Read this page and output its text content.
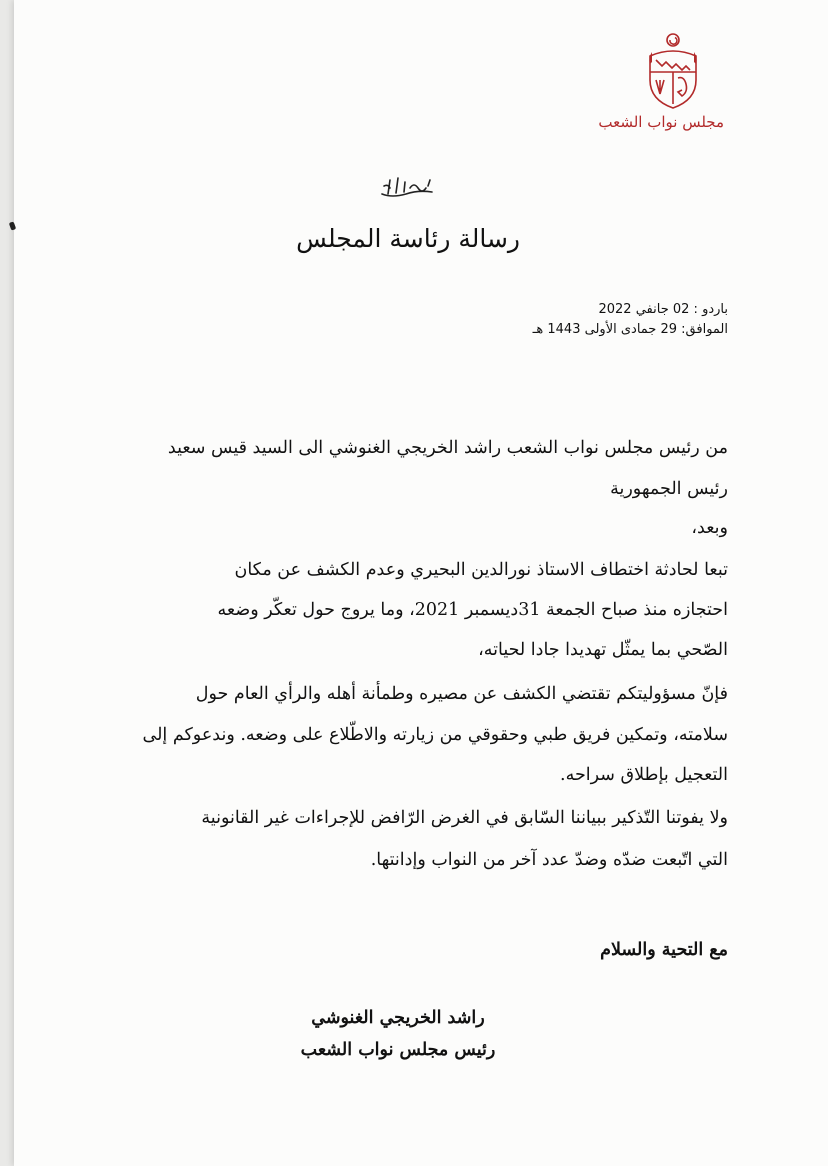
مجلس نواب الشعب
رسالة رئاسة المجلس
باردو : 02 جانفي 2022
الموافق: 29 جمادى الأولى 1443 هـ
من رئيس مجلس نواب الشعب راشد الخريجي الغنوشي الى السيد قيس سعيد
رئيس الجمهورية
وبعد،
تبعا لحادثة اختطاف الاستاذ نورالدين البحيري وعدم الكشف عن مكان
احتجازه منذ صباح الجمعة 31ديسمبر 2021، وما يروج حول تعكّر وضعه
الصّحي بما يمثّل تهديدا جادا لحياته،
فإنّ مسؤوليتكم تقتضي الكشف عن مصيره وطمأنة أهله والرأي العام حول
سلامته، وتمكين فريق طبي وحقوقي من زيارته والاطّلاع على وضعه. وندعوكم إلى
التعجيل بإطلاق سراحه.
ولا يفوتنا التّذكير ببياننا السّابق في الغرض الرّافض للإجراءات غير القانونية
التي اتّبعت ضدّه وضدّ عدد آخر من النواب وإدانتها.
مع التحية والسلام
راشد الخريجي الغنوشي
رئيس مجلس نواب الشعب
